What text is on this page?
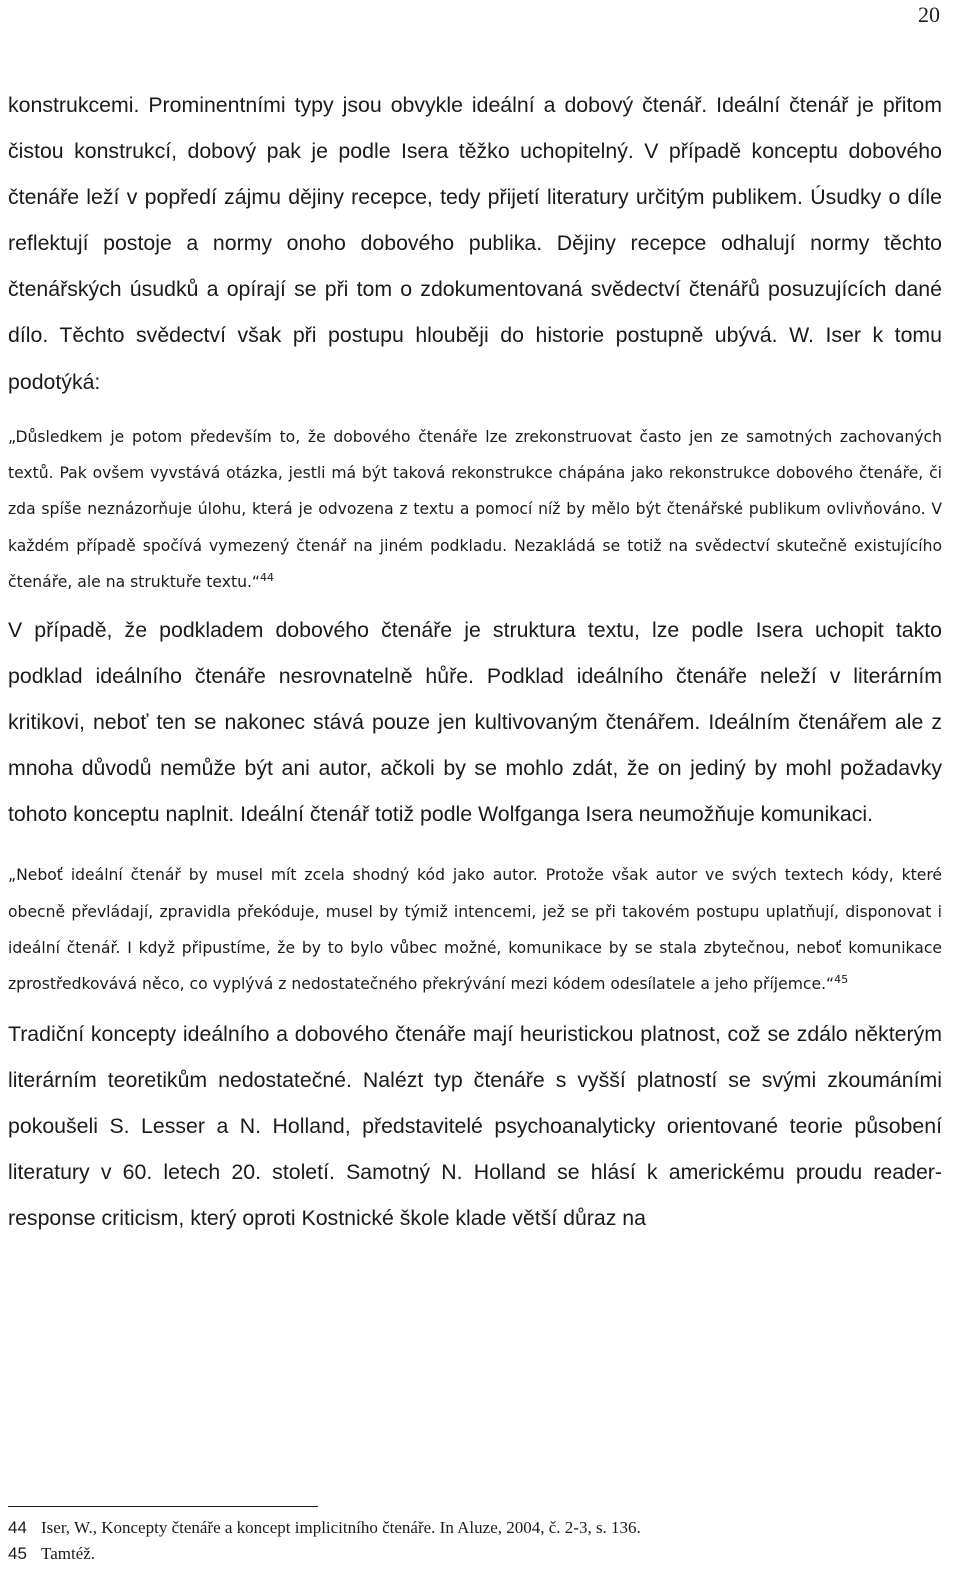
20

konstrukcemi. Prominentními typy jsou obvykle ideální a dobový čtenář. Ideální čtenář je přitom čistou konstrukcí, dobový pak je podle Isera těžko uchopitelný. V případě konceptu dobového čtenáře leží v popředí zájmu dějiny recepce, tedy přijetí literatury určitým publikem. Úsudky o díle reflektují postoje a normy onoho dobového publika. Dějiny recepce odhalují normy těchto čtenářských úsudků a opírají se při tom o zdokumentovaná svědectví čtenářů posuzujících dané dílo. Těchto svědectví však při postupu hlouběji do historie postupně ubývá. W. Iser k tomu podotýká:

„Důsledkem je potom především to, že dobového čtenáře lze zrekonstruovat často jen ze samotných zachovaných textů. Pak ovšem vyvstává otázka, jestli má být taková rekonstrukce chápána jako rekonstrukce dobového čtenáře, či zda spíše neznázorňuje úlohu, která je odvozena z textu a pomocí níž by mělo být čtenářské publikum ovlivňováno. V každém případě spočívá vymezený čtenář na jiném podkladu. Nezakládá se totiž na svědectví skutečně existujícího čtenáře, ale na struktuře textu.“$^{44}$

V případě, že podkladem dobového čtenáře je struktura textu, lze podle Isera uchopit takto podklad ideálního čtenáře nesrovnatelně hůře. Podklad ideálního čtenáře neleží v literárním kritikovi, neboť ten se nakonec stává pouze jen kultivovaným čtenářem. Ideálním čtenářem ale z mnoha důvodů nemůže být ani autor, ačkoli by se mohlo zdát, že on jediný by mohl požadavky tohoto konceptu naplnit. Ideální čtenář totiž podle Wolfganga Isera neumožňuje komunikaci.

„Neboť ideální čtenář by musel mít zcela shodný kód jako autor. Protože však autor ve svých textech kódy, které obecně převládají, zpravidla překóduje, musel by týmiž intencemi, jež se při takovém postupu uplatňují, disponovat i ideální čtenář. I když připustíme, že by to bylo vůbec možné, komunikace by se stala zbytečnou, neboť komunikace zprostředkovává něco, co vyplývá z nedostatečného překrývání mezi kódem odesílatele a jeho příjemce.“$^{45}$

Tradiční koncepty ideálního a dobového čtenáře mají heuristickou platnost, což se zdálo některým literárním teoretikům nedostatečné. Nalézt typ čtenáře s vyšší platností se svými zkoumáními pokoušeli S. Lesser a N. Holland, představitelé psychoanalyticky orientované teorie působení literatury v 60. letech 20. století. Samotný N. Holland se hlásí k americkému proudu reader-response criticism, který oproti Kostnické škole klade větší důraz na

44 Iser, W., Koncepty čtenáře a koncept implicitního čtenáře. In Aluze, 2004, č. 2-3, s. 136.
45 Tamtéž.
